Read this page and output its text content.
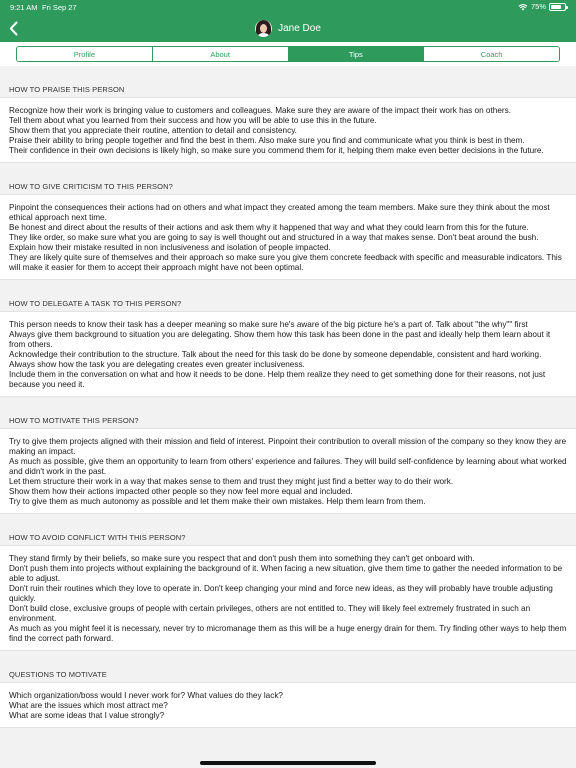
9:21 AM Fri Sep 27	75%
Jane Doe
Profile	About	Tips	Coach
HOW TO PRAISE THIS PERSON

Recognize how their work is bringing value to customers and colleagues. Make sure they are aware of the impact their work has on others.

Tell them about what you learned from their success and how you will be able to use this in the future.

Show them that you appreciate their routine, attention to detail and consistency.

Praise their ability to bring people together and find the best in them. Also make sure you find and communicate what you think is best in them.

Their confidence in their own decisions is likely high, so make sure you commend them for it, helping them make even better decisions in the future.

HOW TO GIVE CRITICISM TO THIS PERSON?

Pinpoint the consequences their actions had on others and what impact they created among the team members. Make sure they think about the most ethical approach next time.

Be honest and direct about the results of their actions and ask them why it happened that way and what they could learn from this for the future.

They like order, so make sure what you are going to say is well thought out and structured in a way that makes sense. Don't beat around the bush.

Explain how their mistake resulted in non inclusiveness and isolation of people impacted.

They are likely quite sure of themselves and their approach so make sure you give them concrete feedback with specific and measurable indicators. This will make it easier for them to accept their approach might have not been optimal.

HOW TO DELEGATE A TASK TO THIS PERSON?

This person needs to know their task has a deeper meaning so make sure he's aware of the big picture he's a part of. Talk about "the why"" first

Always give them background to situation you are delegating. Show them how this task has been done in the past and ideally help them learn about it from others.

Acknowledge their contribution to the structure. Talk about the need for this task do be done by someone dependable, consistent and hard working.

Always show how the task you are delegating creates even greater inclusiveness.

Include them in the conversation on what and how it needs to be done. Help them realize they need to get something done for their reasons, not just because you need it.

HOW TO MOTIVATE THIS PERSON?

Try to give them projects aligned with their mission and field of interest. Pinpoint their contribution to overall mission of the company so they know they are making an impact.

As much as possible, give them an opportunity to learn from others' experience and failures. They will build self-confidence by learning about what worked and didn't work in the past.

Let them structure their work in a way that makes sense to them and trust they might just find a better way to do their work.

Show them how their actions impacted other people so they now feel more equal and included.

Try to give them as much autonomy as possible and let them make their own mistakes. Help them learn from them.

HOW TO AVOID CONFLICT WITH THIS PERSON?

They stand firmly by their beliefs, so make sure you respect that and don't push them into something they can't get onboard with.

Don't push them into projects without explaining the background of it. When facing a new situation, give them time to gather the needed information to be able to adjust.

Don't ruin their routines which they love to operate in. Don't keep changing your mind and force new ideas, as they will probably have trouble adjusting quickly.

Don't build close, exclusive groups of people with certain privileges, others are not entitled to. They will likely feel extremely frustrated in such an environment.

As much as you might feel it is necessary, never try to micromanage them as this will be a huge energy drain for them. Try finding other ways to help them find the correct path forward.

QUESTIONS TO MOTIVATE

Which organization/boss would I never work for? What values do they lack?

What are the issues which most attract me?

What are some ideas that I value strongly?
